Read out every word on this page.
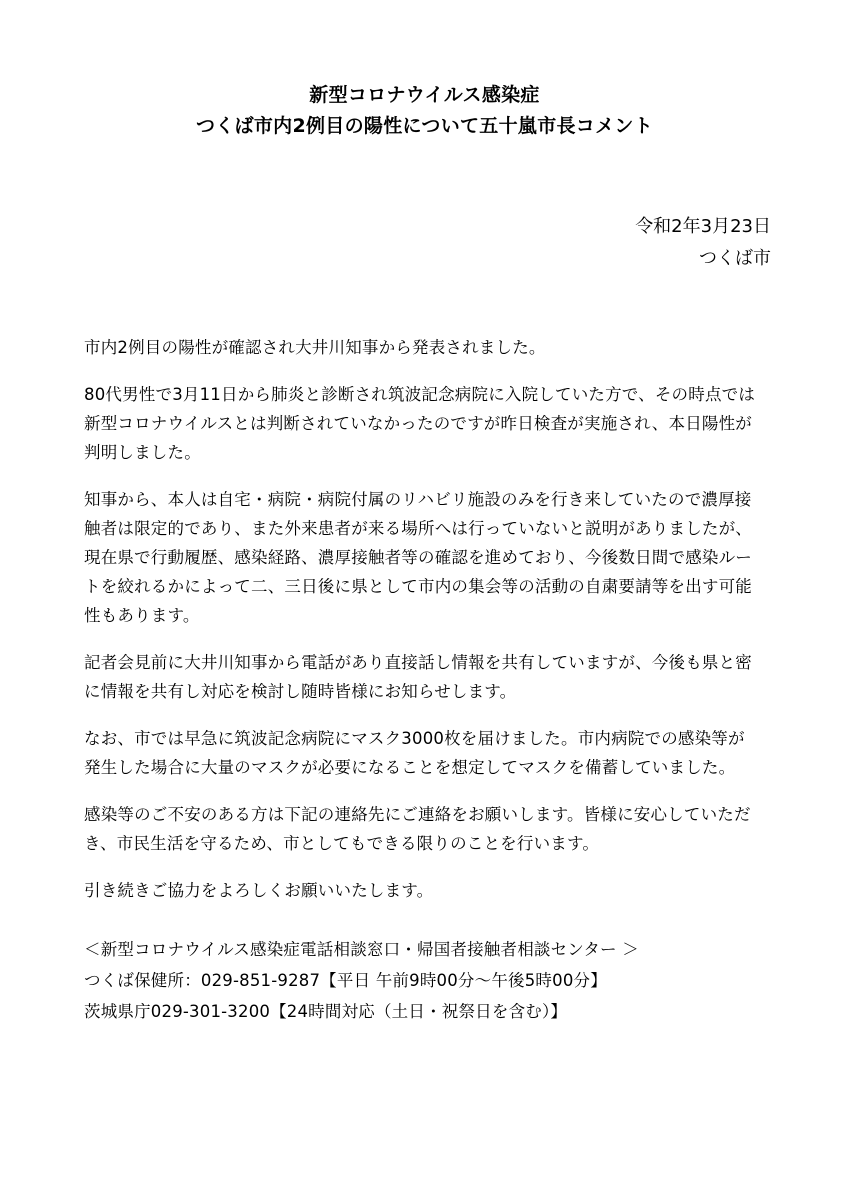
新型コロナウイルス感染症
つくば市内2例目の陽性について五十嵐市長コメント
令和2年3月23日
つくば市
市内2例目の陽性が確認され大井川知事から発表されました。
80代男性で3月11日から肺炎と診断され筑波記念病院に入院していた方で、その時点では
新型コロナウイルスとは判断されていなかったのですが昨日検査が実施され、本日陽性が
判明しました。
知事から、本人は自宅・病院・病院付属のリハビリ施設のみを行き来していたので濃厚接
触者は限定的であり、また外来患者が来る場所へは行っていないと説明がありましたが、
現在県で行動履歴、感染経路、濃厚接触者等の確認を進めており、今後数日間で感染ルー
トを絞れるかによって二、三日後に県として市内の集会等の活動の自粛要請等を出す可能
性もあります。
記者会見前に大井川知事から電話があり直接話し情報を共有していますが、今後も県と密
に情報を共有し対応を検討し随時皆様にお知らせします。
なお、市では早急に筑波記念病院にマスク3000枚を届けました。市内病院での感染等が
発生した場合に大量のマスクが必要になることを想定してマスクを備蓄していました。
感染等のご不安のある方は下記の連絡先にご連絡をお願いします。皆様に安心していただ
き、市民生活を守るため、市としてもできる限りのことを行います。
引き続きご協力をよろしくお願いいたします。
＜新型コロナウイルス感染症電話相談窓口・帰国者接触者相談センター ＞
つくば保健所：029-851-9287【平日 午前9時00分～午後5時00分】
茨城県庁029-301-3200【24時間対応（土日・祝祭日を含む）】
